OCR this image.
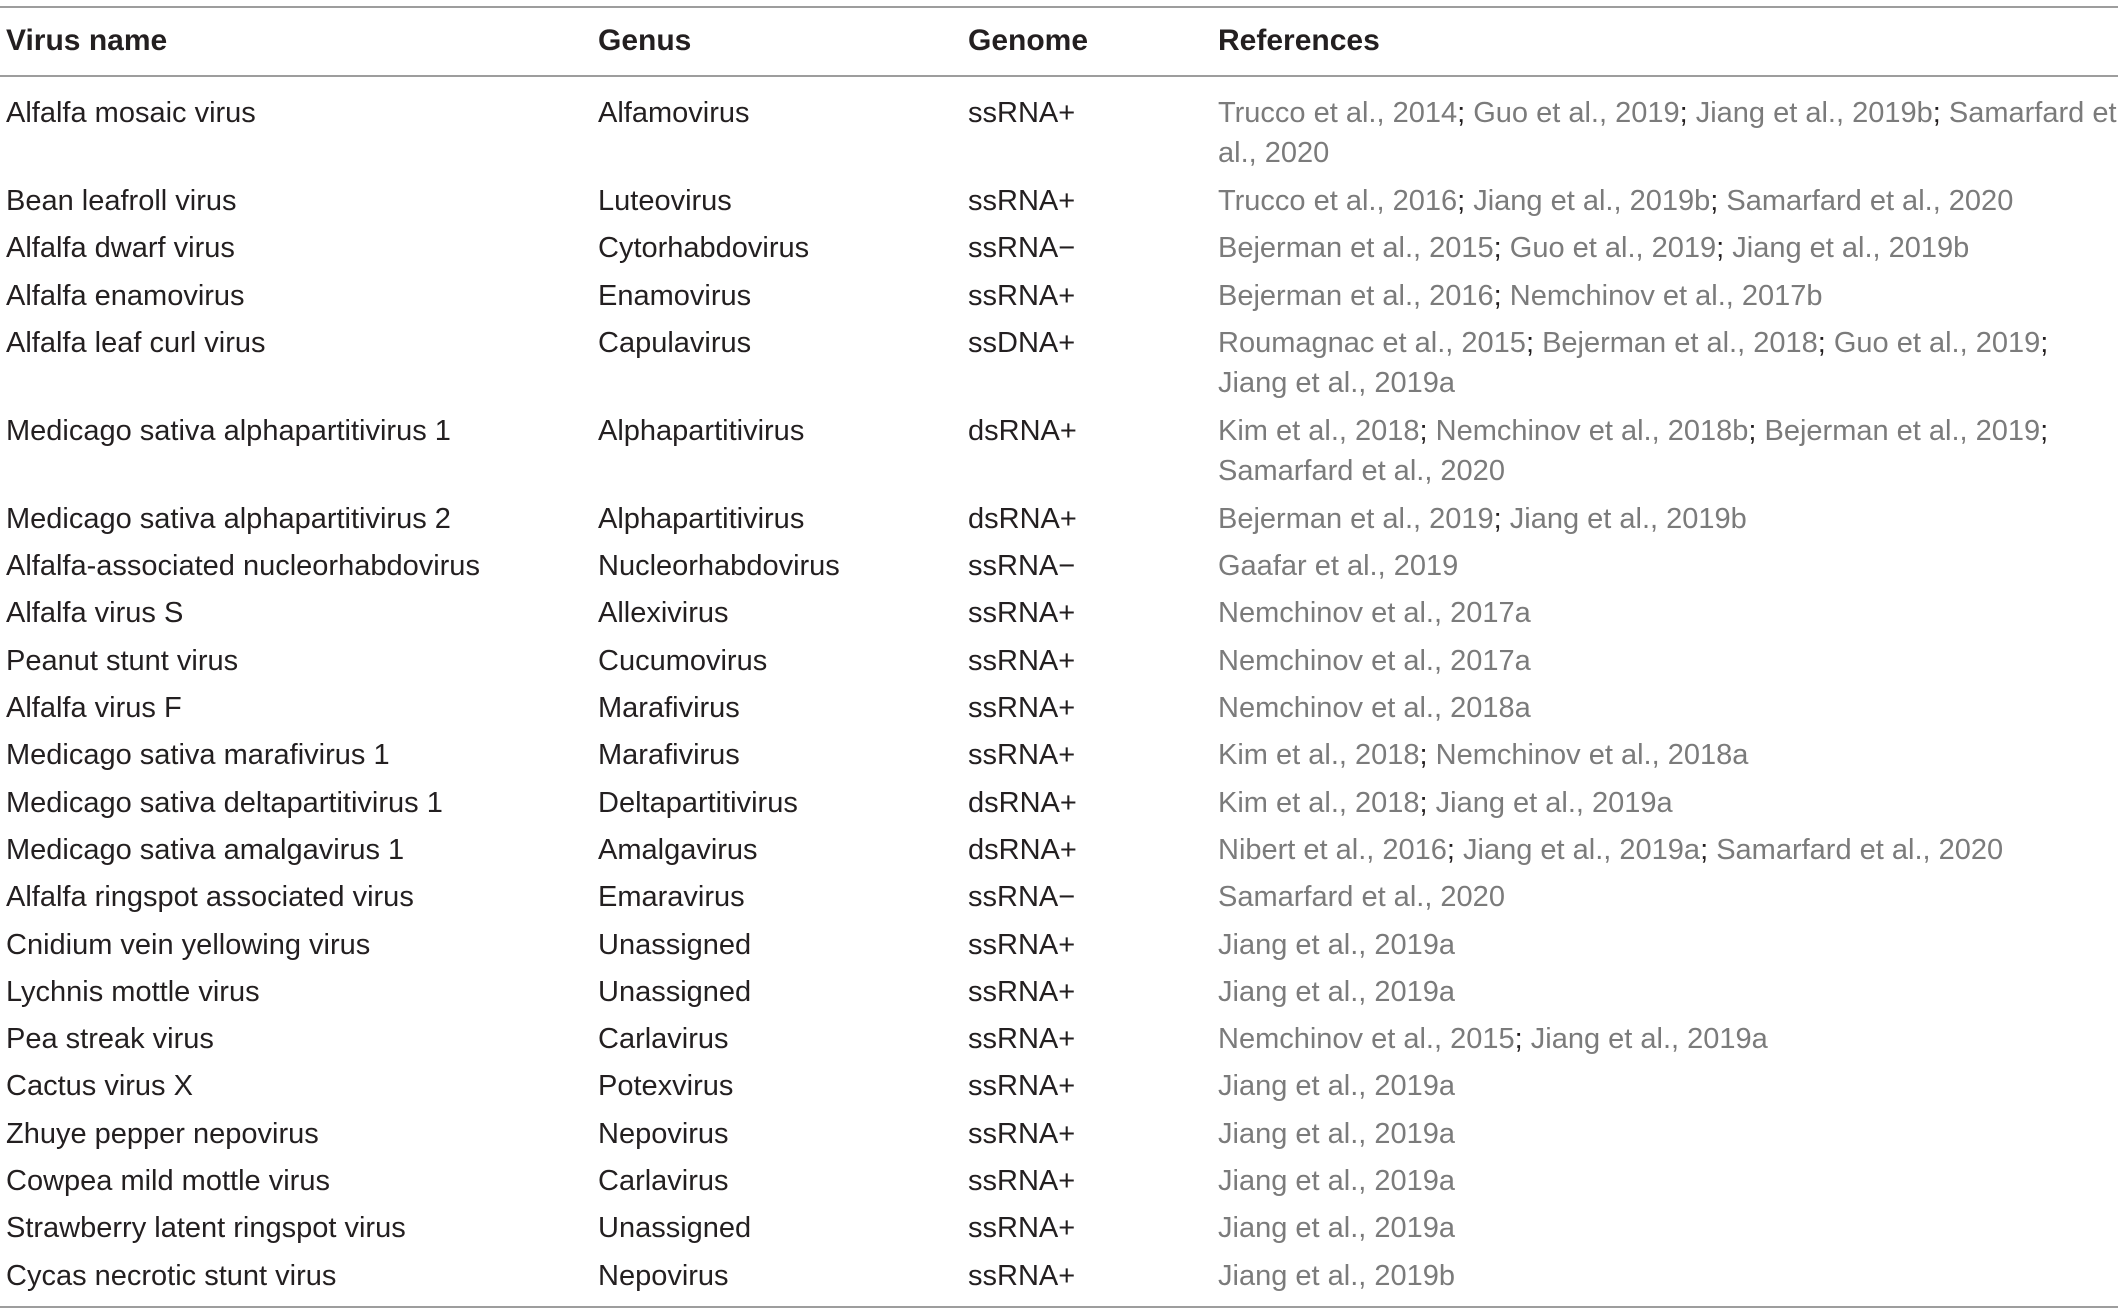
Virus name	Genus	Genome	References
Alfalfa mosaic virus	Alfamovirus	ssRNA+	Trucco et al., 2014; Guo et al., 2019; Jiang et al., 2019b; Samarfard et al., 2020
Bean leafroll virus	Luteovirus	ssRNA+	Trucco et al., 2016; Jiang et al., 2019b; Samarfard et al., 2020
Alfalfa dwarf virus	Cytorhabdovirus	ssRNA−	Bejerman et al., 2015; Guo et al., 2019; Jiang et al., 2019b
Alfalfa enamovirus	Enamovirus	ssRNA+	Bejerman et al., 2016; Nemchinov et al., 2017b
Alfalfa leaf curl virus	Capulavirus	ssDNA+	Roumagnac et al., 2015; Bejerman et al., 2018; Guo et al., 2019; Jiang et al., 2019a
Medicago sativa alphapartitivirus 1	Alphapartitivirus	dsRNA+	Kim et al., 2018; Nemchinov et al., 2018b; Bejerman et al., 2019; Samarfard et al., 2020
Medicago sativa alphapartitivirus 2	Alphapartitivirus	dsRNA+	Bejerman et al., 2019; Jiang et al., 2019b
Alfalfa-associated nucleorhabdovirus	Nucleorhabdovirus	ssRNA−	Gaafar et al., 2019
Alfalfa virus S	Allexivirus	ssRNA+	Nemchinov et al., 2017a
Peanut stunt virus	Cucumovirus	ssRNA+	Nemchinov et al., 2017a
Alfalfa virus F	Marafivirus	ssRNA+	Nemchinov et al., 2018a
Medicago sativa marafivirus 1	Marafivirus	ssRNA+	Kim et al., 2018; Nemchinov et al., 2018a
Medicago sativa deltapartitivirus 1	Deltapartitivirus	dsRNA+	Kim et al., 2018; Jiang et al., 2019a
Medicago sativa amalgavirus 1	Amalgavirus	dsRNA+	Nibert et al., 2016; Jiang et al., 2019a; Samarfard et al., 2020
Alfalfa ringspot associated virus	Emaravirus	ssRNA−	Samarfard et al., 2020
Cnidium vein yellowing virus	Unassigned	ssRNA+	Jiang et al., 2019a
Lychnis mottle virus	Unassigned	ssRNA+	Jiang et al., 2019a
Pea streak virus	Carlavirus	ssRNA+	Nemchinov et al., 2015; Jiang et al., 2019a
Cactus virus X	Potexvirus	ssRNA+	Jiang et al., 2019a
Zhuye pepper nepovirus	Nepovirus	ssRNA+	Jiang et al., 2019a
Cowpea mild mottle virus	Carlavirus	ssRNA+	Jiang et al., 2019a
Strawberry latent ringspot virus	Unassigned	ssRNA+	Jiang et al., 2019a
Cycas necrotic stunt virus	Nepovirus	ssRNA+	Jiang et al., 2019b
